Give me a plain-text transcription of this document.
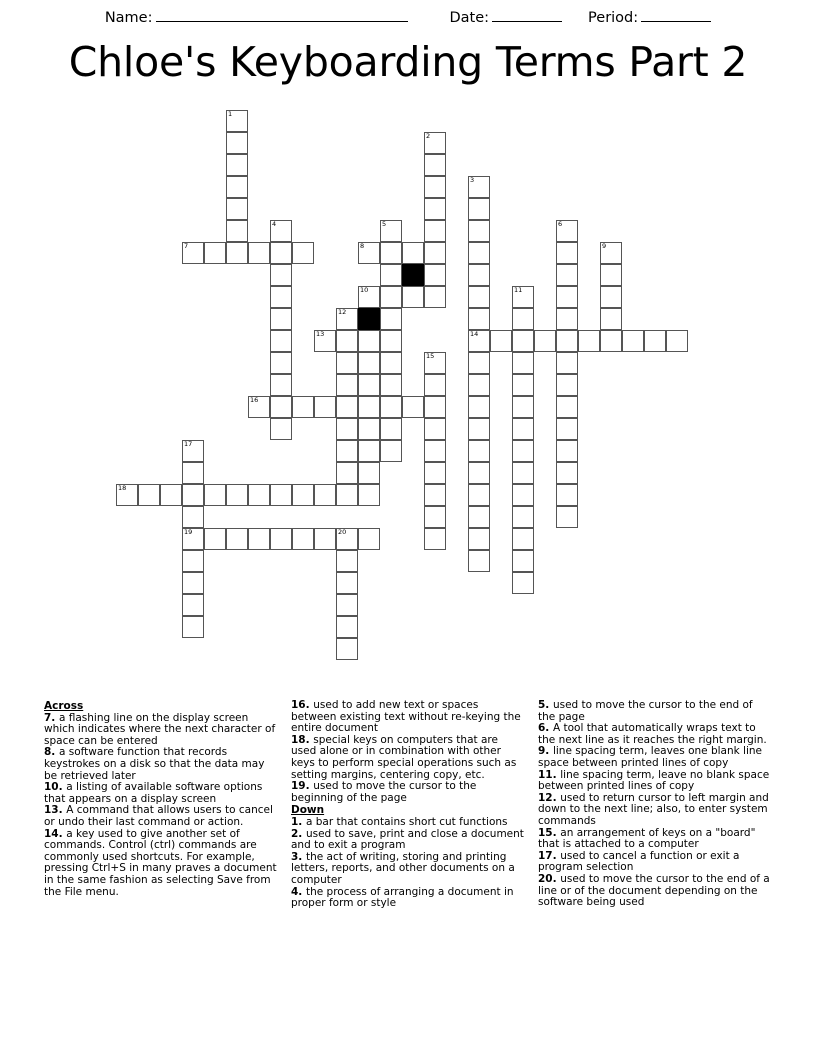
Name:	Date:	Period:
Chloe's Keyboarding Terms Part 2
1
2
3
4	5	6
7	8	9
10	11
12
13	14
15
16
17
18
19	20
Across
7. a flashing line on the display screen which indicates where the next character of space can be entered
8. a software function that records keystrokes on a disk so that the data may be retrieved later
10. a listing of available software options that appears on a display screen
13. A command that allows users to cancel or undo their last command or action.
14. a key used to give another set of commands. Control (ctrl) commands are commonly used shortcuts. For example, pressing Ctrl+S in many praves a document in the same fashion as selecting Save from the File menu.
16. used to add new text or spaces between existing text without re-keying the entire document
18. special keys on computers that are used alone or in combination with other keys to perform special operations such as setting margins, centering copy, etc.
19. used to move the cursor to the beginning of the page
Down
1. a bar that contains short cut functions
2. used to save, print and close a document and to exit a program
3. the act of writing, storing and printing letters, reports, and other documents on a computer
4. the process of arranging a document in proper form or style
5. used to move the cursor to the end of the page
6. A tool that automatically wraps text to the next line as it reaches the right margin.
9. line spacing term, leaves one blank line space between printed lines of copy
11. line spacing term, leave no blank space between printed lines of copy
12. used to return cursor to left margin and down to the next line; also, to enter system commands
15. an arrangement of keys on a "board" that is attached to a computer
17. used to cancel a function or exit a program selection
20. used to move the cursor to the end of a line or of the document depending on the software being used
